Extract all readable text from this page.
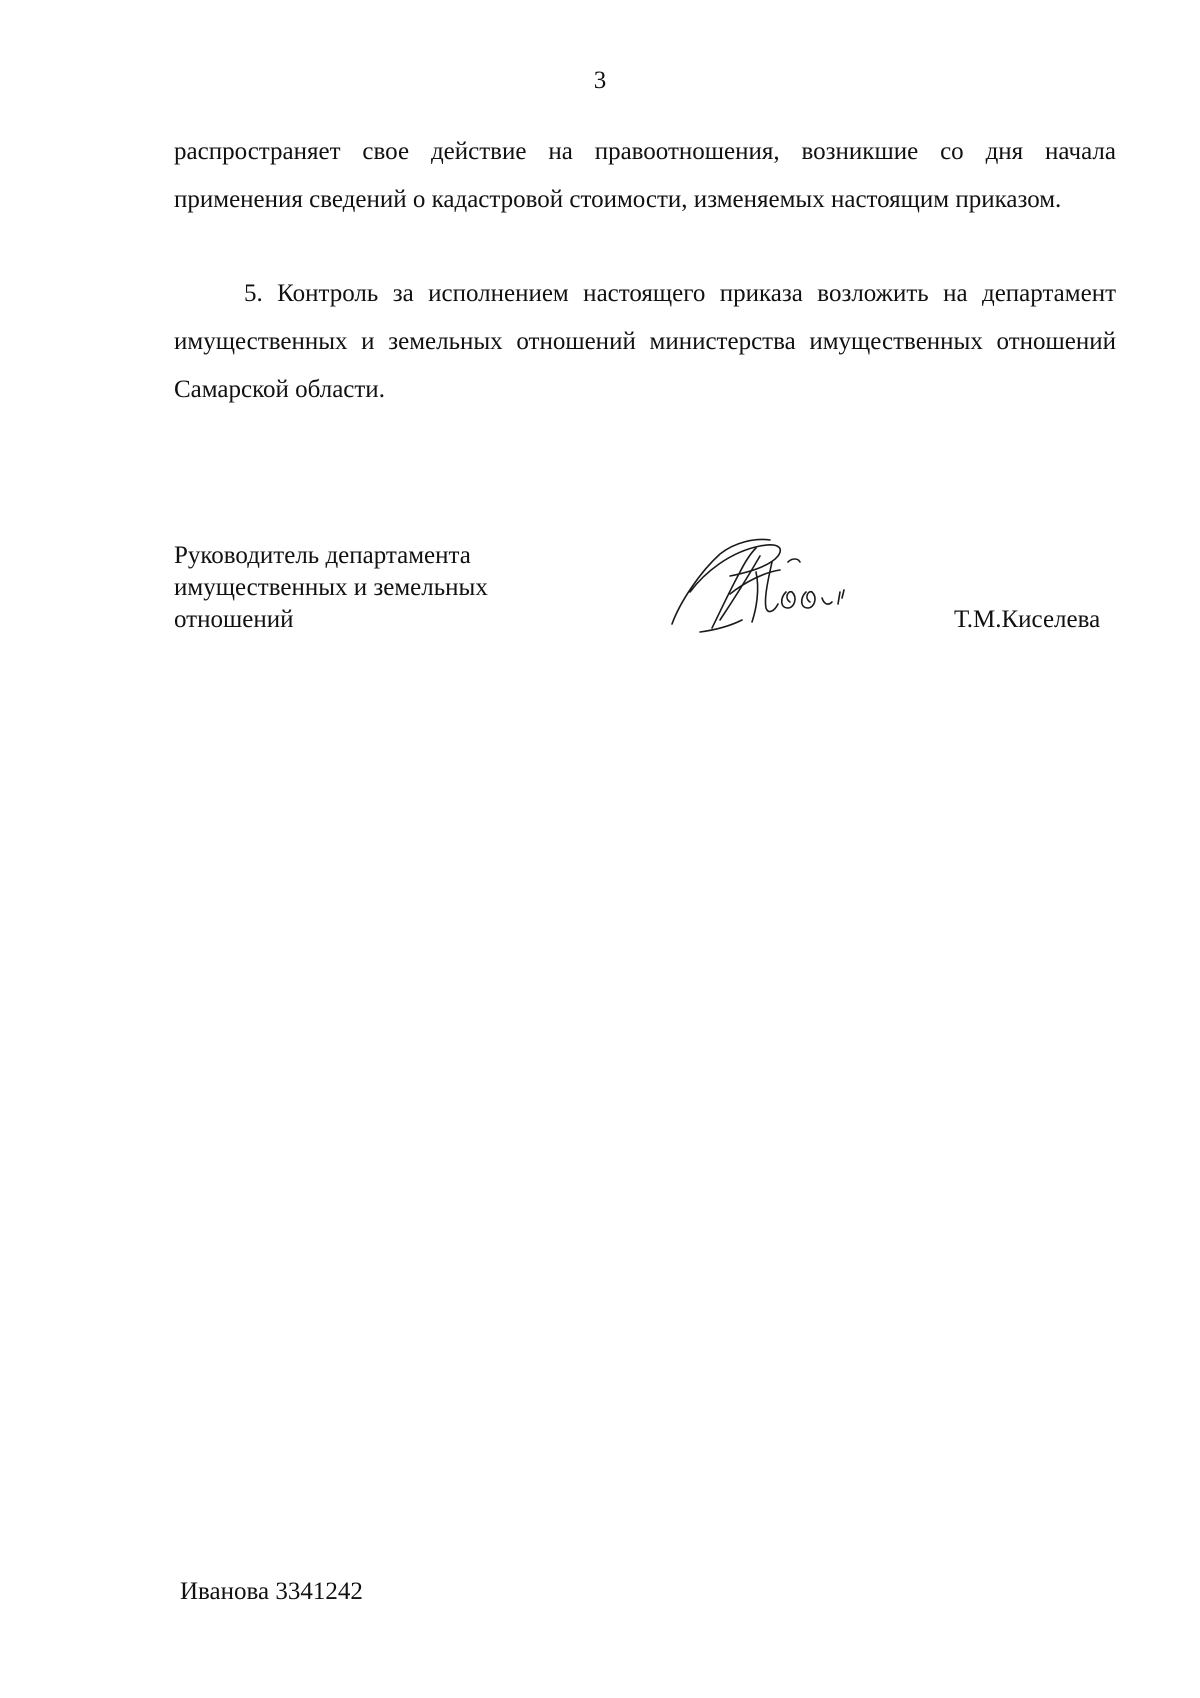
3

распространяет свое действие на правоотношения, возникшие со дня начала применения сведений о кадастровой стоимости, изменяемых настоящим приказом.

5. Контроль за исполнением настоящего приказа возложить на департамент имущественных и земельных отношений министерства имущественных отношений Самарской области.

Руководитель департамента
имущественных и земельных
отношений	Т.М.Киселева
Иванова 3341242
